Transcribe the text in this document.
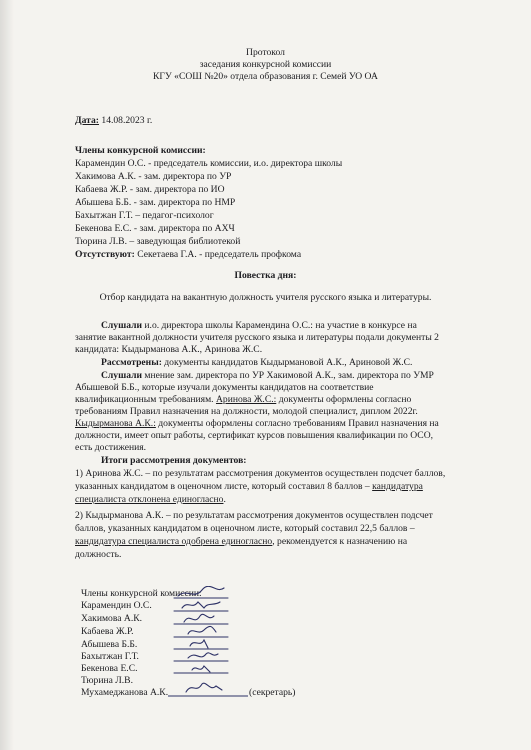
Протокол
заседания конкурсной комиссии
КГУ «СОШ №20» отдела образования г. Семей УО ОА
Дата: 14.08.2023 г.
Члены конкурсной комиссии:
Карамендин О.С. - председатель комиссии, и.о. директора школы
Хакимова А.К. - зам. директора по УР
Кабаева Ж.Р. - зам. директора по ИО
Абышева Б.Б. - зам. директора по НМР
Бахытжан Г.Т. – педагог-психолог
Бекенова Е.С. - зам. директора по АХЧ
Тюрина Л.В. – заведующая библиотекой
Отсутствуют: Секетаева Г.А. - председатель профкома
Повестка дня:
Отбор кандидата на вакантную должность учителя русского языка и литературы.
Слушали и.о. директора школы Карамендина О.С.: на участие в конкурсе на
занятие вакантной должности учителя русского языка и литературы подали документы 2
кандидата: Кыдырманова А.К., Аринова Ж.С.
Рассмотрены: документы кандидатов Кыдырмановой А.К., Ариновой Ж.С.
Слушали мнение зам. директора по УР Хакимовой А.К., зам. директора по УМР
Абышевой Б.Б., которые изучали документы кандидатов на соответствие
квалификационным требованиям. Аринова Ж.С.: документы оформлены согласно
требованиям Правил назначения на должности, молодой специалист, диплом 2022г.
Кыдырманова А.К.: документы оформлены согласно требованиям Правил назначения на
должности, имеет опыт работы, сертификат курсов повышения квалификации по ОСО,
есть достижения.
Итоги рассмотрения документов:
1) Аринова Ж.С. – по результатам рассмотрения документов осуществлен подсчет баллов,
указанных кандидатом в оценочном листе, который составил 8 баллов – кандидатура
специалиста отклонена единогласно.
2) Кыдырманова А.К. – по результатам рассмотрения документов осуществлен подсчет
баллов, указанных кандидатом в оценочном листе, который составил 22,5 баллов –
кандидатура специалиста одобрена единогласно, рекомендуется к назначению на
должность.
Члены конкурсной комиссии:
Карамендин О.С.
Хакимова А.К.
Кабаева Ж.Р.
Абышева Б.Б.
Бахытжан Г.Т.
Бекенова Е.С.
Тюрина Л.В.
Мухамеджанова А.К.	(секретарь)
